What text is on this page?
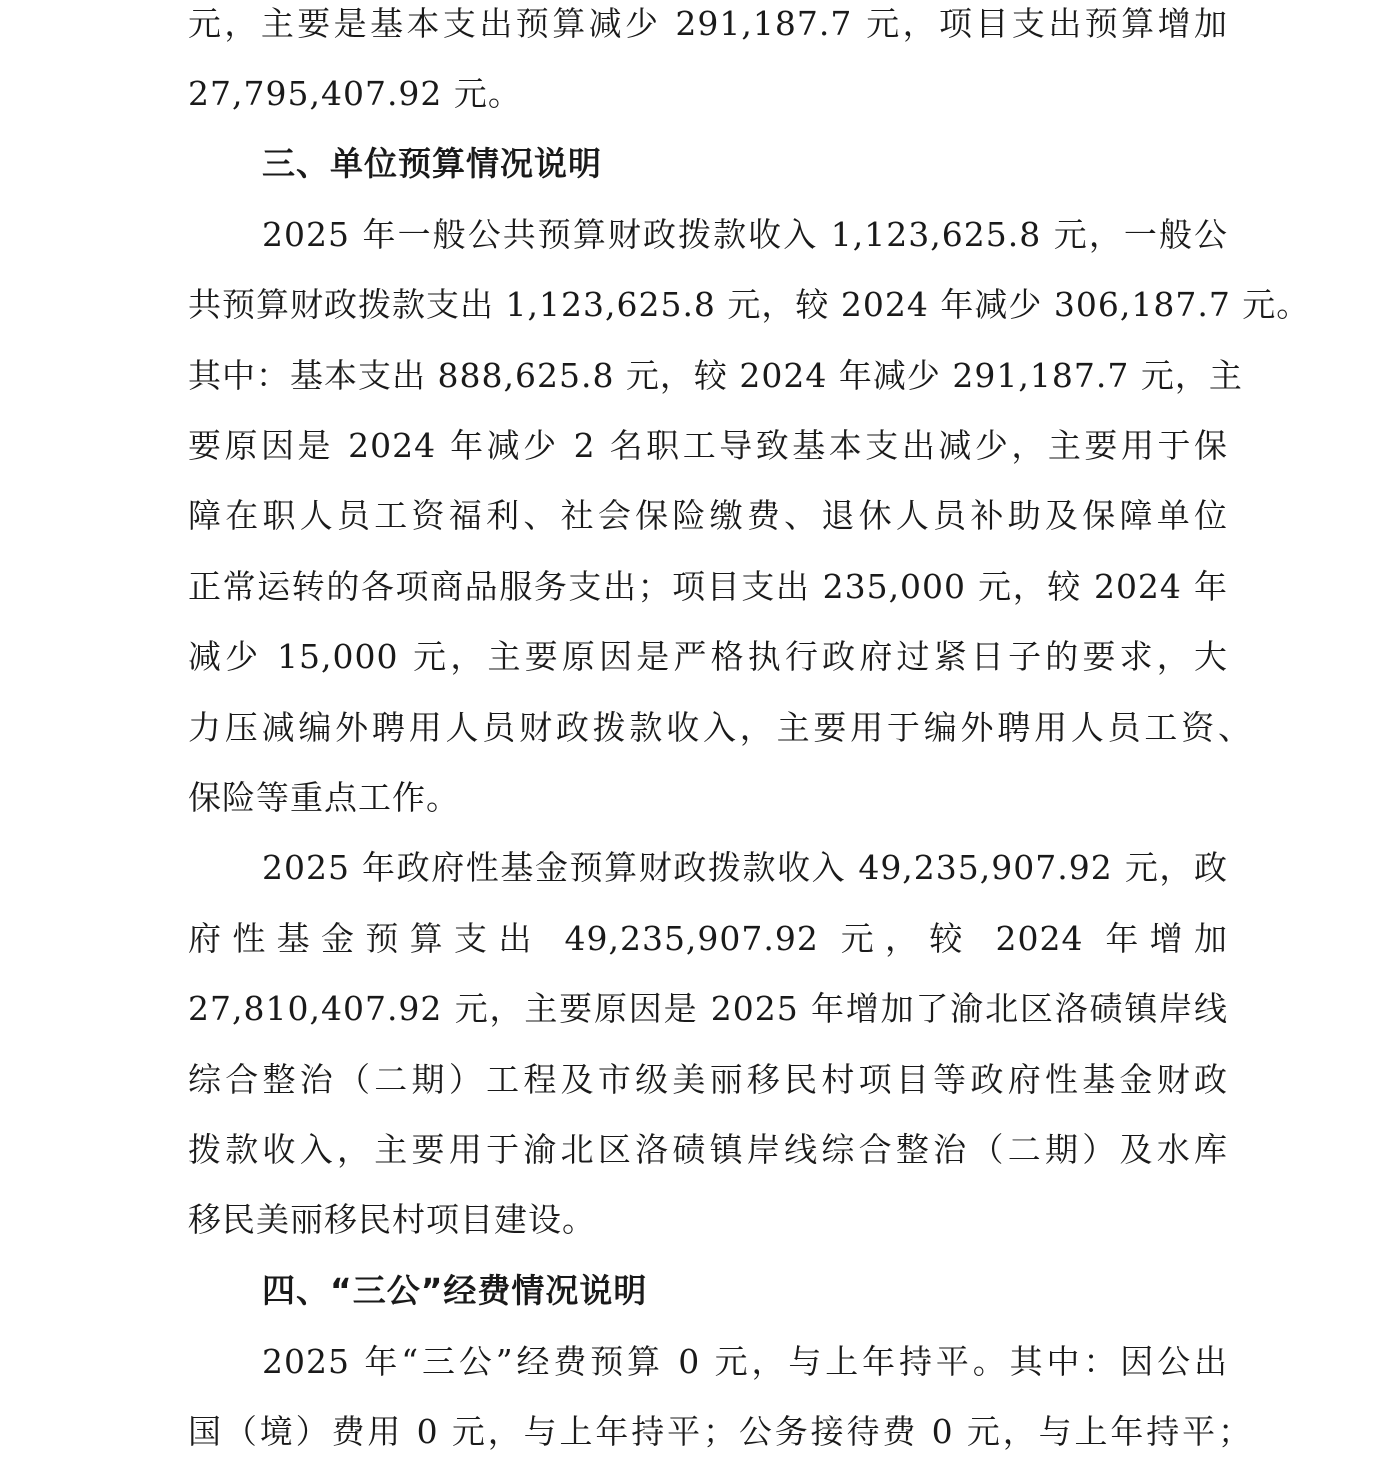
元，主要是基本支出预算减少 291,187.7 元，项目支出预算增加
27,795,407.92 元。
三、单位预算情况说明
2025 年一般公共预算财政拨款收入 1,123,625.8 元，一般公
共预算财政拨款支出 1,123,625.8 元，较 2024 年减少 306,187.7 元。
其中：基本支出 888,625.8 元，较 2024 年减少 291,187.7 元，主
要原因是 2024 年减少 2 名职工导致基本支出减少，主要用于保
障在职人员工资福利、社会保险缴费、退休人员补助及保障单位
正常运转的各项商品服务支出；项目支出 235,000 元，较 2024 年
减少 15,000 元，主要原因是严格执行政府过紧日子的要求，大
力压减编外聘用人员财政拨款收入，主要用于编外聘用人员工资、
保险等重点工作。
2025 年政府性基金预算财政拨款收入 49,235,907.92 元，政
府性基金预算支出 49,235,907.92 元，较 2024 年增加
27,810,407.92 元，主要原因是 2025 年增加了渝北区洛碛镇岸线
综合整治（二期）工程及市级美丽移民村项目等政府性基金财政
拨款收入，主要用于渝北区洛碛镇岸线综合整治（二期）及水库
移民美丽移民村项目建设。
四、“三公”经费情况说明
2025 年“三公”经费预算 0 元，与上年持平。其中：因公出
国（境）费用 0 元，与上年持平；公务接待费 0 元，与上年持平；
